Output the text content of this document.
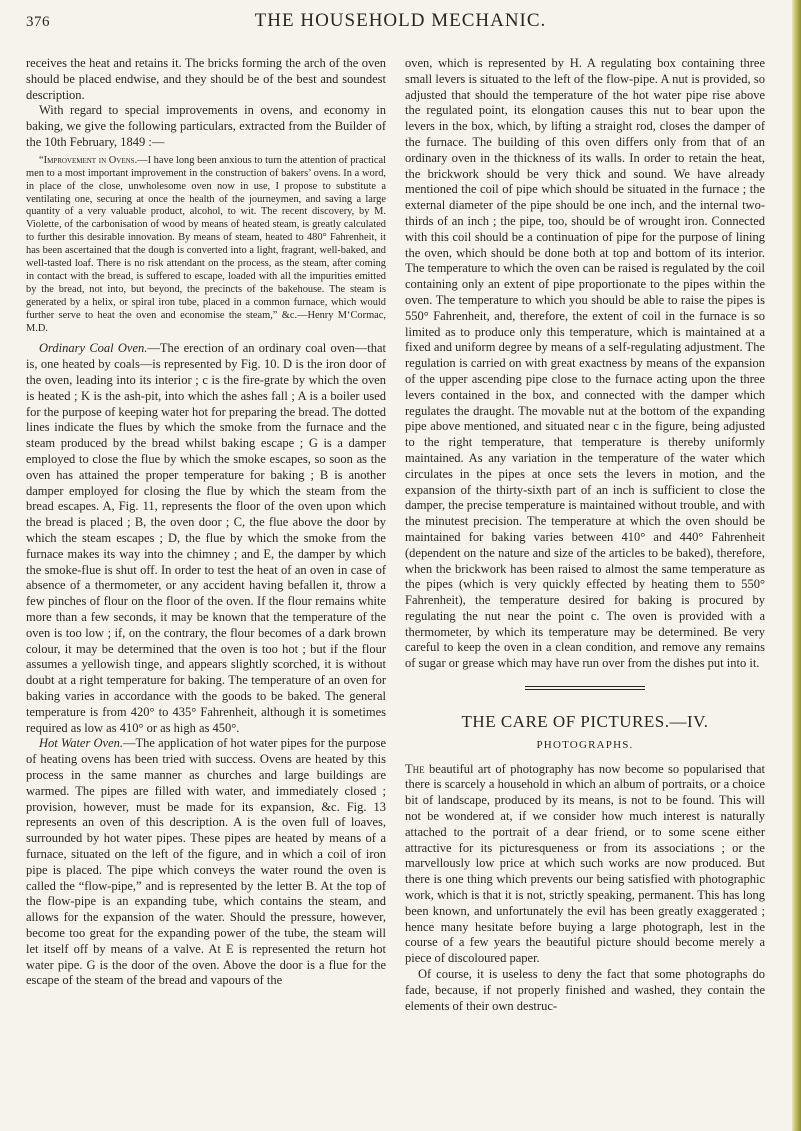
376	THE HOUSEHOLD MECHANIC.

receives the heat and retains it. The bricks forming the arch of the oven should be placed endwise, and they should be of the best and soundest description.

With regard to special improvements in ovens, and economy in baking, we give the following particulars, extracted from the Builder of the 10th February, 1849 :—

“Improvement in Ovens.—I have long been anxious to turn the attention of practical men to a most important improvement in the construction of bakers’ ovens. In a word, in place of the close, unwholesome oven now in use, I propose to substitute a ventilating one, securing at once the health of the journeymen, and saving a large quantity of a very valuable product, alcohol, to wit. The recent discovery, by M. Violette, of the carbonisation of wood by means of heated steam, is greatly calculated to further this desirable innovation. By means of steam, heated to 480° Fahrenheit, it has been ascertained that the dough is converted into a light, fragrant, well-baked, and well-tasted loaf. There is no risk attendant on the process, as the steam, after coming in contact with the bread, is suffered to escape, loaded with all the impurities emitted by the bread, not into, but beyond, the precincts of the bakehouse. The steam is generated by a helix, or spiral iron tube, placed in a common furnace, which would further serve to heat the oven and economise the steam,” &c.—Henry M‘Cormac, M.D.

Ordinary Coal Oven.—The erection of an ordinary coal oven—that is, one heated by coals—is represented by Fig. 10. D is the iron door of the oven, leading into its interior ; c is the fire-grate by which the oven is heated ; K is the ash-pit, into which the ashes fall ; A is a boiler used for the purpose of keeping water hot for preparing the bread. The dotted lines indicate the flues by which the smoke from the furnace and the steam produced by the bread whilst baking escape ; G is a damper employed to close the flue by which the smoke escapes, so soon as the oven has attained the proper temperature for baking ; B is another damper employed for closing the flue by which the steam from the bread escapes. A, Fig. 11, represents the floor of the oven upon which the bread is placed ; B, the oven door ; C, the flue above the door by which the steam escapes ; D, the flue by which the smoke from the furnace makes its way into the chimney ; and E, the damper by which the smoke-flue is shut off. In order to test the heat of an oven in case of absence of a thermometer, or any accident having befallen it, throw a few pinches of flour on the floor of the oven. If the flour remains white more than a few seconds, it may be known that the temperature of the oven is too low ; if, on the contrary, the flour becomes of a dark brown colour, it may be determined that the oven is too hot ; but if the flour assumes a yellowish tinge, and appears slightly scorched, it is without doubt at a right temperature for baking. The temperature of an oven for baking varies in accordance with the goods to be baked. The general temperature is from 420° to 435° Fahrenheit, although it is sometimes required as low as 410° or as high as 450°.

Hot Water Oven.—The application of hot water pipes for the purpose of heating ovens has been tried with success. Ovens are heated by this process in the same manner as churches and large buildings are warmed. The pipes are filled with water, and immediately closed ; provision, however, must be made for its expansion, &c. Fig. 13 represents an oven of this description. A is the oven full of loaves, surrounded by hot water pipes. These pipes are heated by means of a furnace, situated on the left of the figure, and in which a coil of iron pipe is placed. The pipe which conveys the water round the oven is called the “flow-pipe,” and is represented by the letter B. At the top of the flow-pipe is an expanding tube, which contains the steam, and allows for the expansion of the water. Should the pressure, however, become too great for the expanding power of the tube, the steam will let itself off by means of a valve. At E is represented the return hot water pipe. G is the door of the oven. Above the door is a flue for the escape of the steam of the bread and vapours of the

oven, which is represented by H. A regulating box containing three small levers is situated to the left of the flow-pipe. A nut is provided, so adjusted that should the temperature of the hot water pipe rise above the regulated point, its elongation causes this nut to bear upon the levers in the box, which, by lifting a straight rod, closes the damper of the furnace. The building of this oven differs only from that of an ordinary oven in the thickness of its walls. In order to retain the heat, the brickwork should be very thick and sound. We have already mentioned the coil of pipe which should be situated in the furnace ; the external diameter of the pipe should be one inch, and the internal two-thirds of an inch ; the pipe, too, should be of wrought iron. Connected with this coil should be a continuation of pipe for the purpose of lining the oven, which should be done both at top and bottom of its interior. The temperature to which the oven can be raised is regulated by the coil containing only an extent of pipe proportionate to the pipes within the oven. The temperature to which you should be able to raise the pipes is 550° Fahrenheit, and, therefore, the extent of coil in the furnace is so limited as to produce only this temperature, which is maintained at a fixed and uniform degree by means of a self-regulating adjustment. The regulation is carried on with great exactness by means of the expansion of the upper ascending pipe close to the furnace acting upon the three levers contained in the box, and connected with the damper which regulates the draught. The movable nut at the bottom of the expanding pipe above mentioned, and situated near c in the figure, being adjusted to the right temperature, that temperature is thereby uniformly maintained. As any variation in the temperature of the water which circulates in the pipes at once sets the levers in motion, and the expansion of the thirty-sixth part of an inch is sufficient to close the damper, the precise temperature is maintained without trouble, and with the minutest precision. The temperature at which the oven should be maintained for baking varies between 410° and 440° Fahrenheit (dependent on the nature and size of the articles to be baked), therefore, when the brickwork has been raised to almost the same temperature as the pipes (which is very quickly effected by heating them to 550° Fahrenheit), the temperature desired for baking is procured by regulating the nut near the point c. The oven is provided with a thermometer, by which its temperature may be determined. Be very careful to keep the oven in a clean condition, and remove any remains of sugar or grease which may have run over from the dishes put into it.

THE CARE OF PICTURES.—IV.
PHOTOGRAPHS.

The beautiful art of photography has now become so popularised that there is scarcely a household in which an album of portraits, or a choice bit of landscape, produced by its means, is not to be found. This will not be wondered at, if we consider how much interest is naturally attached to the portrait of a dear friend, or to some scene either attractive for its picturesqueness or from its associations ; or the marvellously low price at which such works are now produced. But there is one thing which prevents our being satisfied with photographic work, which is that it is not, strictly speaking, permanent. This has long been known, and unfortunately the evil has been greatly exaggerated ; hence many hesitate before buying a large photograph, lest in the course of a few years the beautiful picture should become merely a piece of discoloured paper.

Of course, it is useless to deny the fact that some photographs do fade, because, if not properly finished and washed, they contain the elements of their own destruc-
